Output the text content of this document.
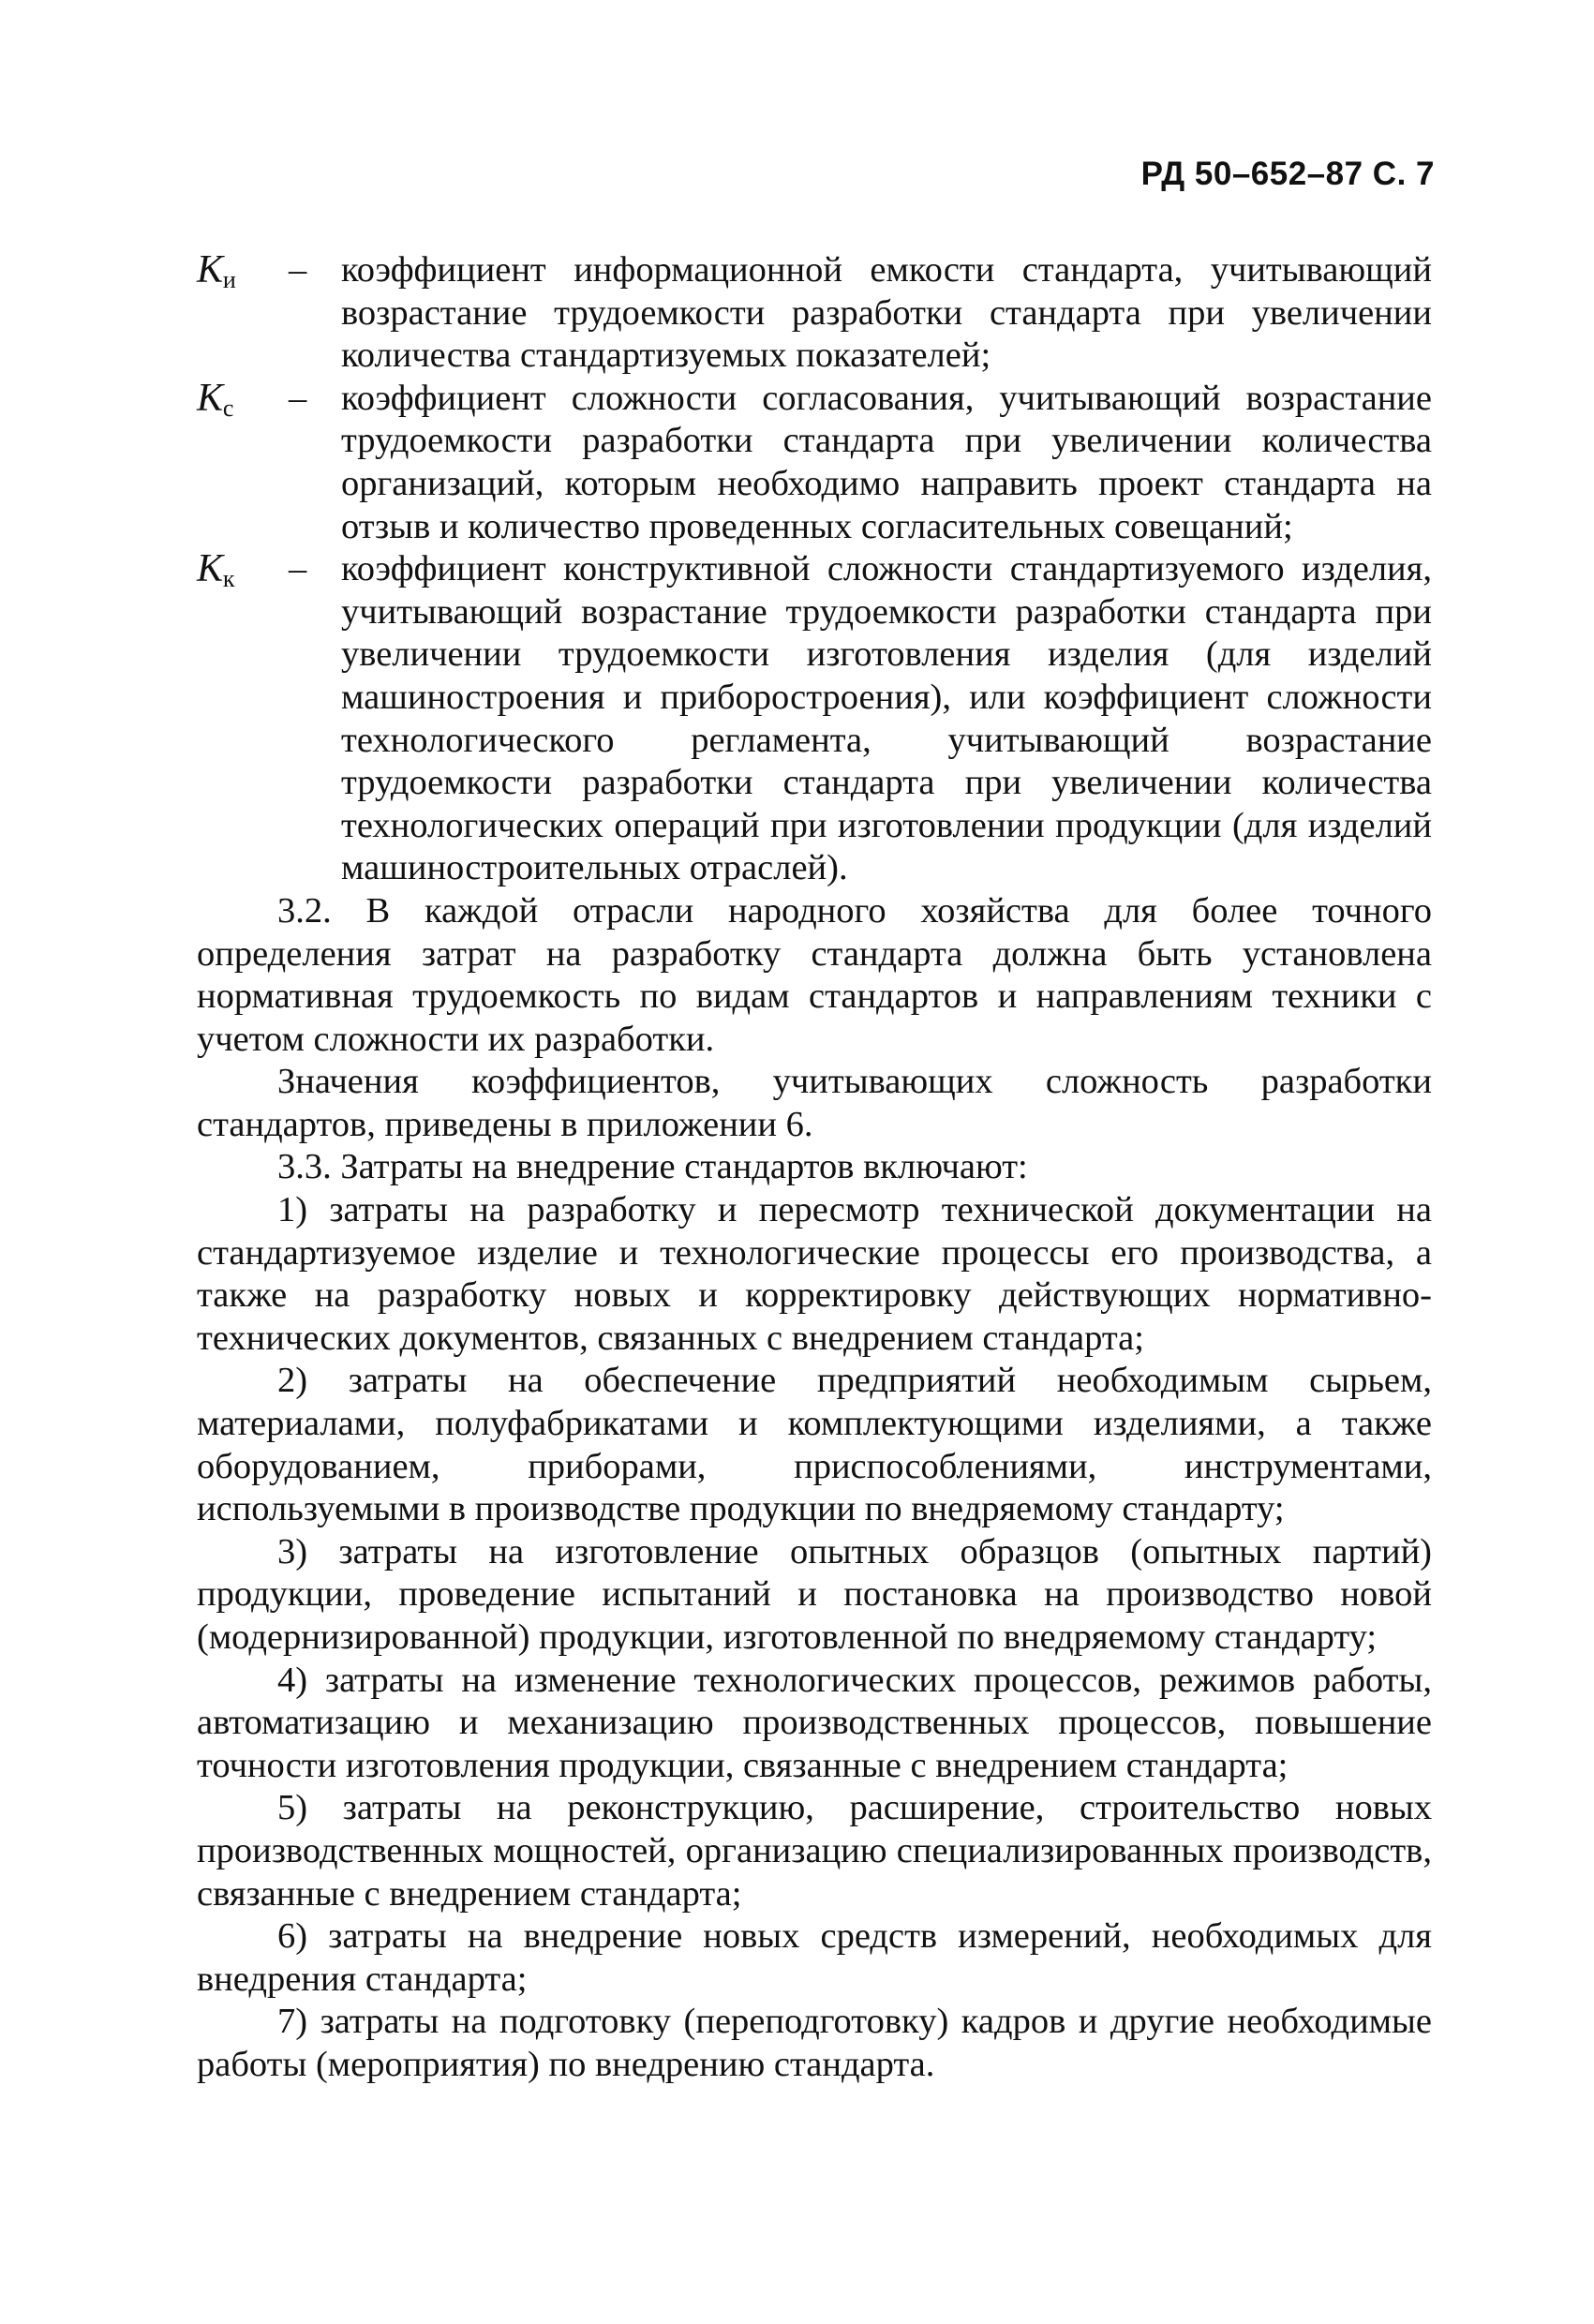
РД 50–652–87 С. 7
$К_и$	– коэффициент информационной емкости стандарта, учитывающий возрастание трудоемкости разработки стандарта при увеличении количества стандартизуемых показателей;
$К_с$	– коэффициент сложности согласования, учитывающий возрастание трудоемкости разработки стандарта при увеличении количества организаций, которым необходимо направить проект стандарта на отзыв и количество проведенных согласительных совещаний;
$К_к$	– коэффициент конструктивной сложности стандартизуемого изделия, учитывающий возрастание трудоемкости разработки стандарта при увеличении трудоемкости изготовления изделия (для изделий машиностроения и приборостроения), или коэффициент сложности технологического регламента, учитывающий возрастание трудоемкости разработки стандарта при увеличении количества технологических операций при изготовлении продукции (для изделий машиностроительных отраслей).

3.2. В каждой отрасли народного хозяйства для более точного определения затрат на разработку стандарта должна быть установлена нормативная трудоемкость по видам стандартов и направлениям техники с учетом сложности их разработки.

Значения коэффициентов, учитывающих сложность разработки стандартов, приведены в приложении 6.

3.3. Затраты на внедрение стандартов включают:

1) затраты на разработку и пересмотр технической документации на стандартизуемое изделие и технологические процессы его производства, а также на разработку новых и корректировку действующих нормативно-технических документов, связанных с внедрением стандарта;

2) затраты на обеспечение предприятий необходимым сырьем, материалами, полуфабрикатами и комплектующими изделиями, а также оборудованием, приборами, приспособлениями, инструментами, используемыми в производстве продукции по внедряемому стандарту;

3) затраты на изготовление опытных образцов (опытных партий) продукции, проведение испытаний и постановка на производство новой (модернизированной) продукции, изготовленной по внедряемому стандарту;

4) затраты на изменение технологических процессов, режимов работы, автоматизацию и механизацию производственных процессов, повышение точности изготовления продукции, связанные с внедрением стандарта;

5) затраты на реконструкцию, расширение, строительство новых производственных мощностей, организацию специализированных производств, связанные с внедрением стандарта;

6) затраты на внедрение новых средств измерений, необходимых для внедрения стандарта;

7) затраты на подготовку (переподготовку) кадров и другие необходимые работы (мероприятия) по внедрению стандарта.
